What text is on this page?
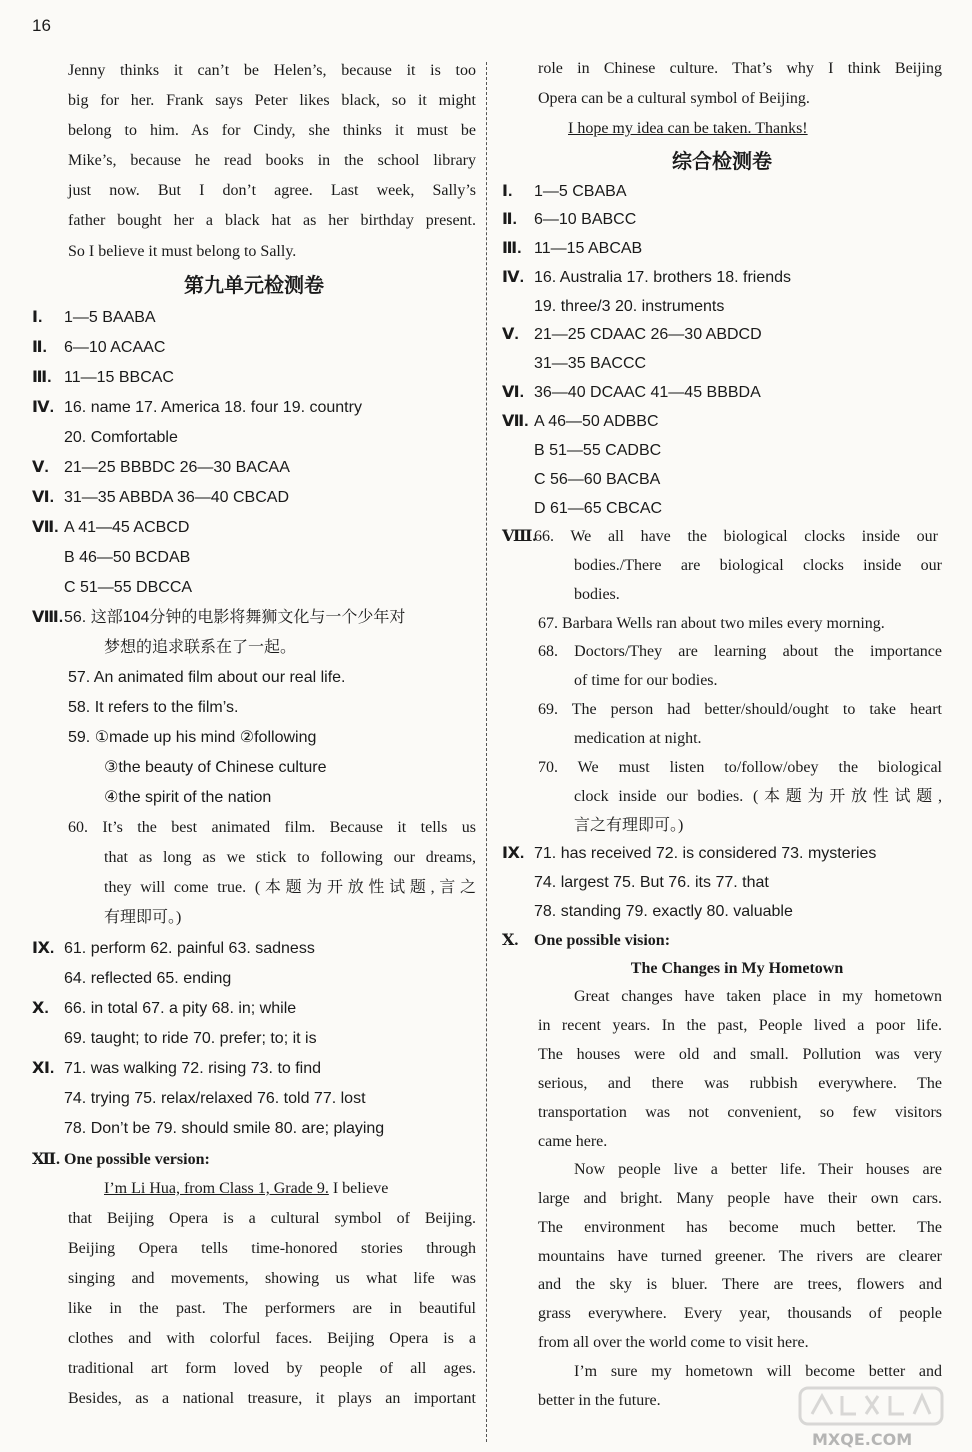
16
Jenny thinks it can’t be Helen’s, because it is too
big for her. Frank says Peter likes black, so it might
belong to him. As for Cindy, she thinks it must be
Mike’s, because he read books in the school library
just now. But I don’t agree. Last week, Sally’s
father bought her a black hat as her birthday present.
So I believe it must belong to Sally.
第九单元检测卷
Ⅰ. 1—5 BAABA
Ⅱ. 6—10 ACAAC
Ⅲ. 11—15 BBCAC
Ⅳ. 16. name 17. America 18. four 19. country
20. Comfortable
Ⅴ. 21—25 BBBDC 26—30 BACAA
Ⅵ. 31—35 ABBDA 36—40 CBCAD
Ⅶ. A 41—45 ACBCD
B 46—50 BCDAB
C 51—55 DBCCA
Ⅷ.56. 这部104分钟的电影将舞狮文化与一个少年对
梦想的追求联系在了一起。
57. An animated film about our real life.
58. It refers to the film’s.
59. ①made up his mind ②following
③the beauty of Chinese culture
④the spirit of the nation
60. It’s the best animated film. Because it tells us
that as long as we stick to following our dreams,
they will come true. (本题为开放性试题,言之
有理即可。)
Ⅸ. 61. perform 62. painful 63. sadness
64. reflected 65. ending
Ⅹ. 66. in total 67. a pity 68. in; while
69. taught; to ride 70. prefer; to; it is
Ⅺ. 71. was walking 72. rising 73. to find
74. trying 75. relax/relaxed 76. told 77. lost
78. Don’t be 79. should smile 80. are; playing
Ⅻ. One possible version:
I’m Li Hua, from Class 1, Grade 9. I believe
that Beijing Opera is a cultural symbol of Beijing.
Beijing Opera tells time-honored stories through
singing and movements, showing us what life was
like in the past. The performers are in beautiful
clothes and with colorful faces. Beijing Opera is a
traditional art form loved by people of all ages.
Besides, as a national treasure, it plays an important
role in Chinese culture. That’s why I think Beijing
Opera can be a cultural symbol of Beijing.
I hope my idea can be taken. Thanks!
综合检测卷
Ⅰ. 1—5 CBABA
Ⅱ. 6—10 BABCC
Ⅲ. 11—15 ABCAB
Ⅳ. 16. Australia 17. brothers 18. friends
19. three/3 20. instruments
Ⅴ. 21—25 CDAAC 26—30 ABDCD
31—35 BACCC
Ⅵ. 36—40 DCAAC 41—45 BBBDA
Ⅶ. A 46—50 ADBBC
B 51—55 CADBC
C 56—60 BACBA
D 61—65 CBCAC
Ⅷ.66. We all have the biological clocks inside our
bodies./There are biological clocks inside our
bodies.
67. Barbara Wells ran about two miles every morning.
68. Doctors/They are learning about the importance
of time for our bodies.
69. The person had better/should/ought to take heart
medication at night.
70. We must listen to/follow/obey the biological
clock inside our bodies. (本题为开放性试题,
言之有理即可。)
Ⅸ. 71. has received 72. is considered 73. mysteries
74. largest 75. But 76. its 77. that
78. standing 79. exactly 80. valuable
Ⅹ. One possible vision:
The Changes in My Hometown
Great changes have taken place in my hometown
in recent years. In the past, People lived a poor life.
The houses were old and small. Pollution was very
serious, and there was rubbish everywhere. The
transportation was not convenient, so few visitors
came here.
Now people live a better life. Their houses are
large and bright. Many people have their own cars.
The environment has become much better. The
mountains have turned greener. The rivers are clearer
and the sky is bluer. There are trees, flowers and
grass everywhere. Every year, thousands of people
from all over the world come to visit here.
I’m sure my hometown will become better and
better in the future.
MXQE.COM
